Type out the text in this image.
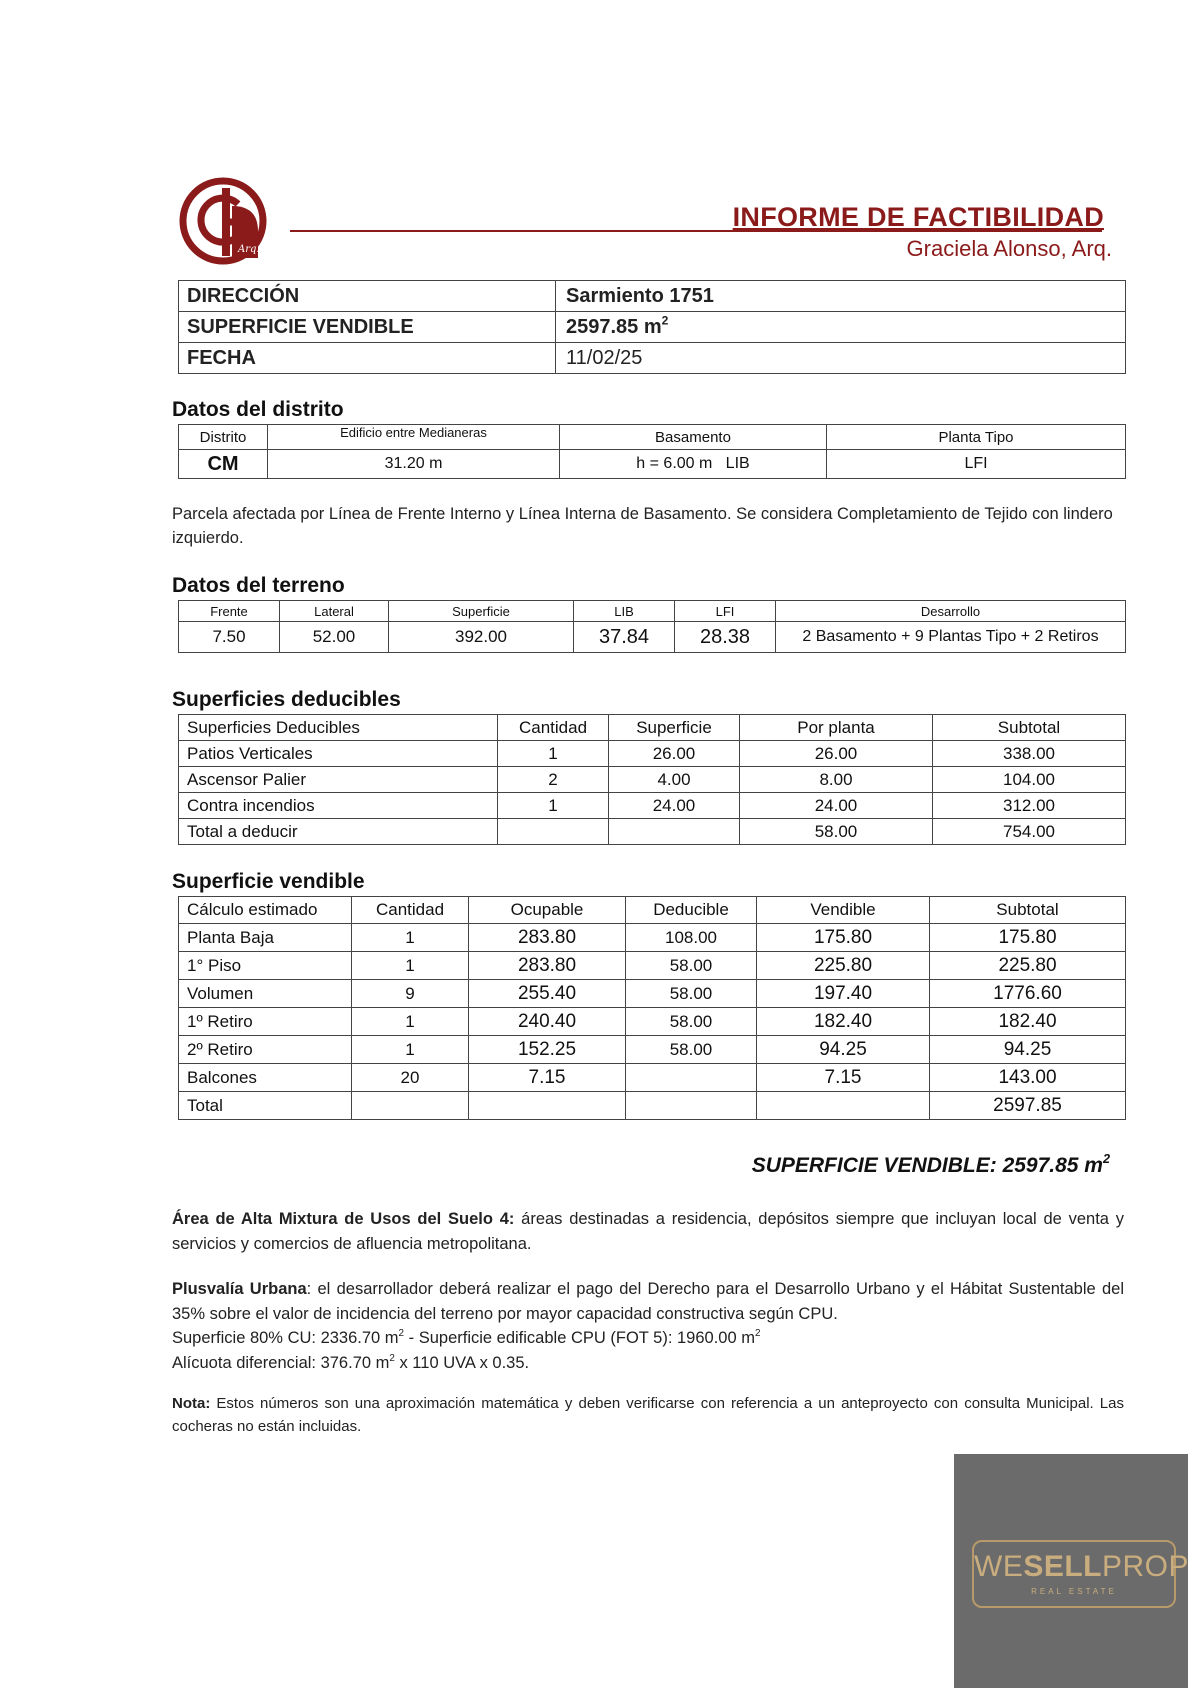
Arq.
INFORME DE FACTIBILIDAD
Graciela Alonso, Arq.
DIRECCIÓN	Sarmiento 1751
SUPERFICIE VENDIBLE	2597.85 $m^2$
FECHA	11/02/25
Datos del distrito
Distrito	Edificio entre Medianeras	Basamento	Planta Tipo
CM	31.20 m	h = 6.00 m   LIB	LFI
Parcela afectada por Línea de Frente Interno y Línea Interna de Basamento. Se considera Completamiento de Tejido con lindero izquierdo.
Datos del terreno
Frente	Lateral	Superficie	LIB	LFI	Desarrollo
7.50	52.00	392.00	37.84	28.38	2 Basamento + 9 Plantas Tipo + 2 Retiros
Superficies deducibles
Superficies Deducibles	Cantidad	Superficie	Por planta	Subtotal
Patios Verticales	1	26.00	26.00	338.00
Ascensor Palier	2	4.00	8.00	104.00
Contra incendios	1	24.00	24.00	312.00
Total a deducir			58.00	754.00
Superficie vendible
Cálculo estimado	Cantidad	Ocupable	Deducible	Vendible	Subtotal
Planta Baja	1	283.80	108.00	175.80	175.80
1° Piso	1	283.80	58.00	225.80	225.80
Volumen	9	255.40	58.00	197.40	1776.60
1º Retiro	1	240.40	58.00	182.40	182.40
2º Retiro	1	152.25	58.00	94.25	94.25
Balcones	20	7.15		7.15	143.00
Total					2597.85
SUPERFICIE VENDIBLE: 2597.85 $m^2$
Área de Alta Mixtura de Usos del Suelo 4: áreas destinadas a residencia, depósitos siempre que incluyan local de venta y servicios y comercios de afluencia metropolitana.
Plusvalía Urbana: el desarrollador deberá realizar el pago del Derecho para el Desarrollo Urbano y el Hábitat Sustentable del 35% sobre el valor de incidencia del terreno por mayor capacidad constructiva según CPU.
Superficie 80% CU: 2336.70 $m^2$ - Superficie edificable CPU (FOT 5): 1960.00 $m^2$
Alícuota diferencial: 376.70 $m^2$ x 110 UVA x 0.35.
Nota: Estos números son una aproximación matemática y deben verificarse con referencia a un anteproyecto con consulta Municipal. Las cocheras no están incluidas.
WESELLPROP
REAL ESTATE
